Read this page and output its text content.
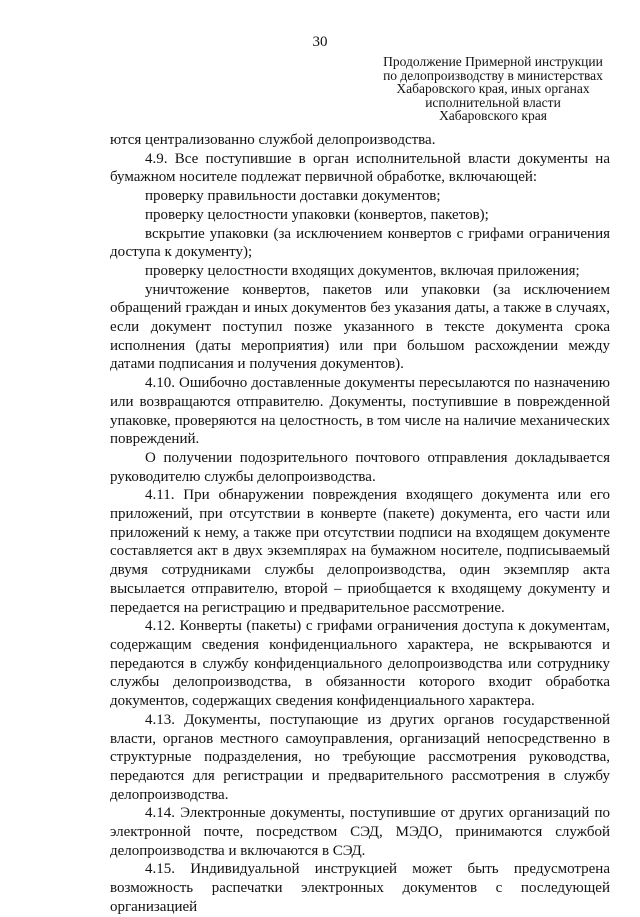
30
Продолжение Примерной инструкции
по делопроизводству в министерствах
Хабаровского края, иных органах
исполнительной власти
Хабаровского края

ются централизованно службой делопроизводства.

4.9. Все поступившие в орган исполнительной власти документы на бумажном носителе подлежат первичной обработке, включающей:

проверку правильности доставки документов;

проверку целостности упаковки (конвертов, пакетов);

вскрытие упаковки (за исключением конвертов с грифами ограничения доступа к документу);

проверку целостности входящих документов, включая приложения;

уничтожение конвертов, пакетов или упаковки (за исключением обращений граждан и иных документов без указания даты, а также в случаях, если документ поступил позже указанного в тексте документа срока исполнения (даты мероприятия) или при большом расхождении между датами подписания и получения документов).

4.10. Ошибочно доставленные документы пересылаются по назначению или возвращаются отправителю. Документы, поступившие в поврежденной упаковке, проверяются на целостность, в том числе на наличие механических повреждений.

О получении подозрительного почтового отправления докладывается руководителю службы делопроизводства.

4.11. При обнаружении повреждения входящего документа или его приложений, при отсутствии в конверте (пакете) документа, его части или приложений к нему, а также при отсутствии подписи на входящем документе составляется акт в двух экземплярах на бумажном носителе, подписываемый двумя сотрудниками службы делопроизводства, один экземпляр акта высылается отправителю, второй – приобщается к входящему документу и передается на регистрацию и предварительное рассмотрение.

4.12. Конверты (пакеты) с грифами ограничения доступа к документам, содержащим сведения конфиденциального характера, не вскрываются и передаются в службу конфиденциального делопроизводства или сотруднику службы делопроизводства, в обязанности которого входит обработка документов, содержащих сведения конфиденциального характера.

4.13. Документы, поступающие из других органов государственной власти, органов местного самоуправления, организаций непосредственно в структурные подразделения, но требующие рассмотрения руководства, передаются для регистрации и предварительного рассмотрения в службу делопроизводства.

4.14. Электронные документы, поступившие от других организаций по электронной почте, посредством СЭД, МЭДО, принимаются службой делопроизводства и включаются в СЭД.

4.15. Индивидуальной инструкцией может быть предусмотрена возможность распечатки электронных документов с последующей организацией
